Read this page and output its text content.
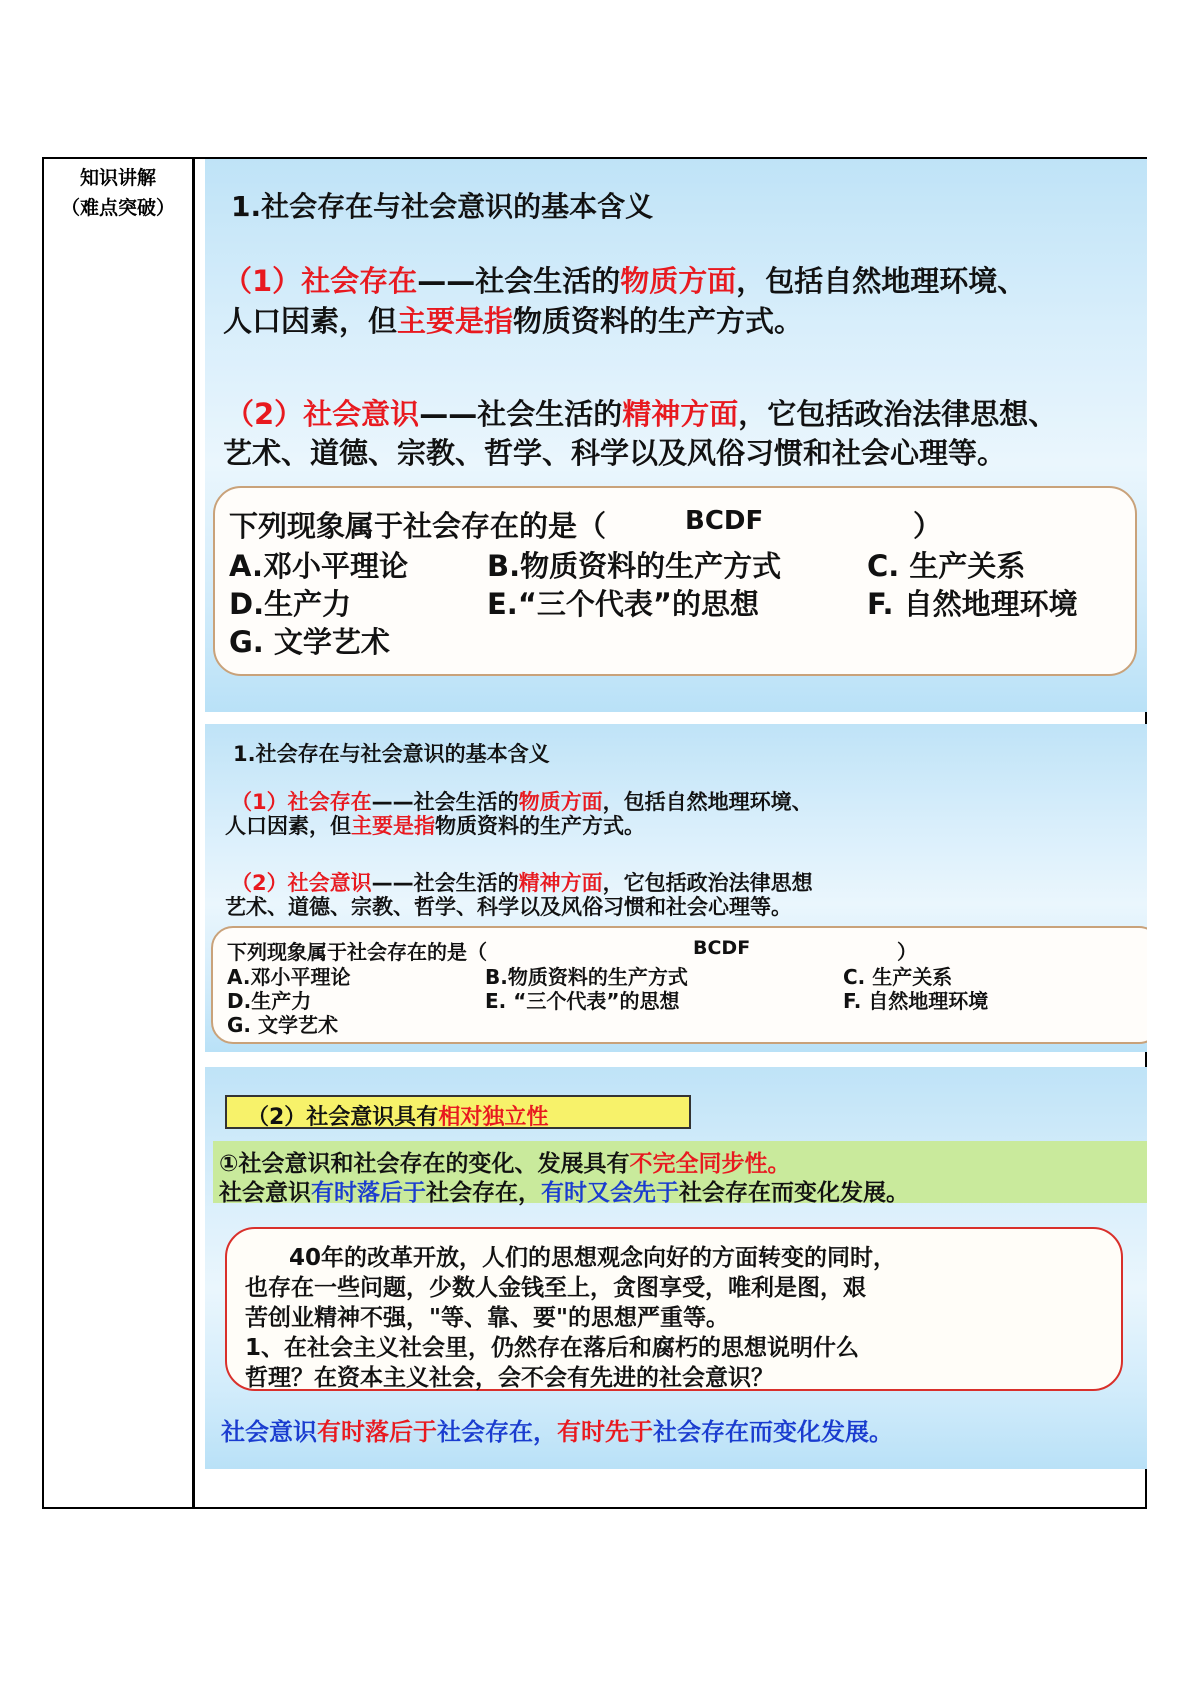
知识讲解
（难点突破）	1.社会存在与社会意识的基本含义
（1）社会存在——社会生活的物质方面，包括自然地理环境、
人口因素，但主要是指物质资料的生产方式。
（2）社会意识——社会生活的精神方面，它包括政治法律思想、
艺术、道德、宗教、哲学、科学以及风俗习惯和社会心理等。
下列现象属于社会存在的是（	BCDF	）
A.邓小平理论	B.物质资料的生产方式	C. 生产关系
D.生产力	E.“三个代表”的思想	F. 自然地理环境
G. 文学艺术
1.社会存在与社会意识的基本含义
（1）社会存在——社会生活的物质方面，包括自然地理环境、
人口因素，但主要是指物质资料的生产方式。
（2）社会意识——社会生活的精神方面，它包括政治法律思想
艺术、道德、宗教、哲学、科学以及风俗习惯和社会心理等。
下列现象属于社会存在的是（	BCDF	）
A.邓小平理论	B.物质资料的生产方式	C. 生产关系
D.生产力	E. “三个代表”的思想	F. 自然地理环境
G. 文学艺术
（2）社会意识具有相对独立性
①社会意识和社会存在的变化、发展具有不完全同步性。
社会意识有时落后于社会存在，有时又会先于社会存在而变化发展。
40年的改革开放，人们的思想观念向好的方面转变的同时，
也存在一些问题，少数人金钱至上，贪图享受，唯利是图，艰
苦创业精神不强，"等、靠、要"的思想严重等。
1、在社会主义社会里，仍然存在落后和腐朽的思想说明什么
哲理？在资本主义社会，会不会有先进的社会意识？
社会意识有时落后于社会存在，有时先于社会存在而变化发展。
